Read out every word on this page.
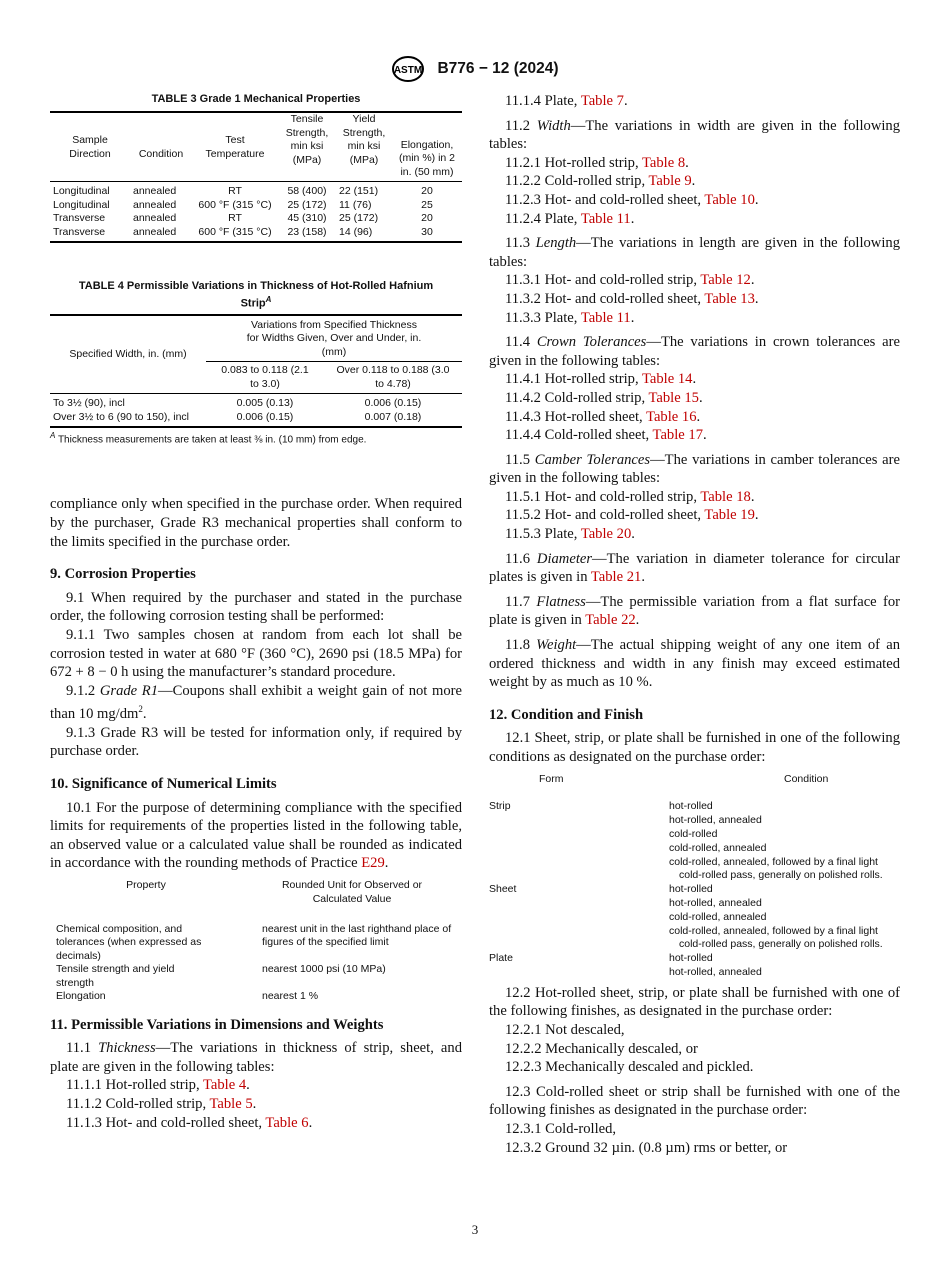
ASTM B776 − 12 (2024)
TABLE 3 Grade 1 Mechanical Properties
Sample Direction	Condition	Test Temperature	Tensile Strength, min ksi (MPa)	Yield Strength, min ksi (MPa)	Elongation, (min %) in 2 in. (50 mm)
Longitudinal	annealed	RT	58 (400)	22 (151)	20
Longitudinal	annealed	600 °F (315 °C)	25 (172)	11 (76)	25
Transverse	annealed	RT	45 (310)	25 (172)	20
Transverse	annealed	600 °F (315 °C)	23 (158)	14 (96)	30
TABLE 4 Permissible Variations in Thickness of Hot-Rolled Hafnium Strip$^A$
Specified Width, in. (mm)	Variations from Specified Thickness for Widths Given, Over and Under, in. (mm)	
	0.083 to 0.118 (2.1 to 3.0)	Over 0.118 to 0.188 (3.0 to 4.78)
To 3½ (90), incl	0.005 (0.13)	0.006 (0.15)
Over 3½ to 6 (90 to 150), incl	0.006 (0.15)	0.007 (0.18)
$^A$ Thickness measurements are taken at least ⅜ in. (10 mm) from edge.

compliance only when specified in the purchase order. When required by the purchaser, Grade R3 mechanical properties shall conform to the limits specified in the purchase order.

9. Corrosion Properties

9.1 When required by the purchaser and stated in the purchase order, the following corrosion testing shall be performed:

9.1.1 Two samples chosen at random from each lot shall be corrosion tested in water at 680 °F (360 °C), 2690 psi (18.5 MPa) for 672 + 8 − 0 h using the manufacturer’s standard procedure.

9.1.2 Grade R1—Coupons shall exhibit a weight gain of not more than 10 $mg/dm^2$.

9.1.3 Grade R3 will be tested for information only, if required by purchase order.

10. Significance of Numerical Limits

10.1 For the purpose of determining compliance with the specified limits for requirements of the properties listed in the following table, an observed value or a calculated value shall be rounded as indicated in accordance with the rounding methods of Practice E29.

Property	Rounded Unit for Observed or Calculated Value
Chemical composition, and tolerances (when expressed as decimals)	nearest unit in the last righthand place of figures of the specified limit
Tensile strength and yield strength	nearest 1000 psi (10 MPa)
Elongation	nearest 1 %
11. Permissible Variations in Dimensions and Weights

11.1 Thickness—The variations in thickness of strip, sheet, and plate are given in the following tables:

11.1.1 Hot-rolled strip, Table 4.

11.1.2 Cold-rolled strip, Table 5.

11.1.3 Hot- and cold-rolled sheet, Table 6.

11.1.4 Plate, Table 7.

11.2 Width—The variations in width are given in the following tables:

11.2.1 Hot-rolled strip, Table 8.

11.2.2 Cold-rolled strip, Table 9.

11.2.3 Hot- and cold-rolled sheet, Table 10.

11.2.4 Plate, Table 11.

11.3 Length—The variations in length are given in the following tables:

11.3.1 Hot- and cold-rolled strip, Table 12.

11.3.2 Hot- and cold-rolled sheet, Table 13.

11.3.3 Plate, Table 11.

11.4 Crown Tolerances—The variations in crown tolerances are given in the following tables:

11.4.1 Hot-rolled strip, Table 14.

11.4.2 Cold-rolled strip, Table 15.

11.4.3 Hot-rolled sheet, Table 16.

11.4.4 Cold-rolled sheet, Table 17.

11.5 Camber Tolerances—The variations in camber tolerances are given in the following tables:

11.5.1 Hot- and cold-rolled strip, Table 18.

11.5.2 Hot- and cold-rolled sheet, Table 19.

11.5.3 Plate, Table 20.

11.6 Diameter—The variation in diameter tolerance for circular plates is given in Table 21.

11.7 Flatness—The permissible variation from a flat surface for plate is given in Table 22.

11.8 Weight—The actual shipping weight of any one item of an ordered thickness and width in any finish may exceed estimated weight by as much as 10 %.

12. Condition and Finish

12.1 Sheet, strip, or plate shall be furnished in one of the following conditions as designated on the purchase order:

Form	Condition
Strip	hot-rolled
hot-rolled, annealed
cold-rolled
cold-rolled, annealed
cold-rolled, annealed, followed by a final light cold-rolled pass, generally on polished rolls.

Sheet	hot-rolled
hot-rolled, annealed
cold-rolled, annealed
cold-rolled, annealed, followed by a final light cold-rolled pass, generally on polished rolls.

Plate	hot-rolled
hot-rolled, annealed

12.2 Hot-rolled sheet, strip, or plate shall be furnished with one of the following finishes, as designated in the purchase order:

12.2.1 Not descaled,

12.2.2 Mechanically descaled, or

12.2.3 Mechanically descaled and pickled.

12.3 Cold-rolled sheet or strip shall be furnished with one of the following finishes as designated in the purchase order:

12.3.1 Cold-rolled,

12.3.2 Ground 32 µin. (0.8 µm) rms or better, or

3
